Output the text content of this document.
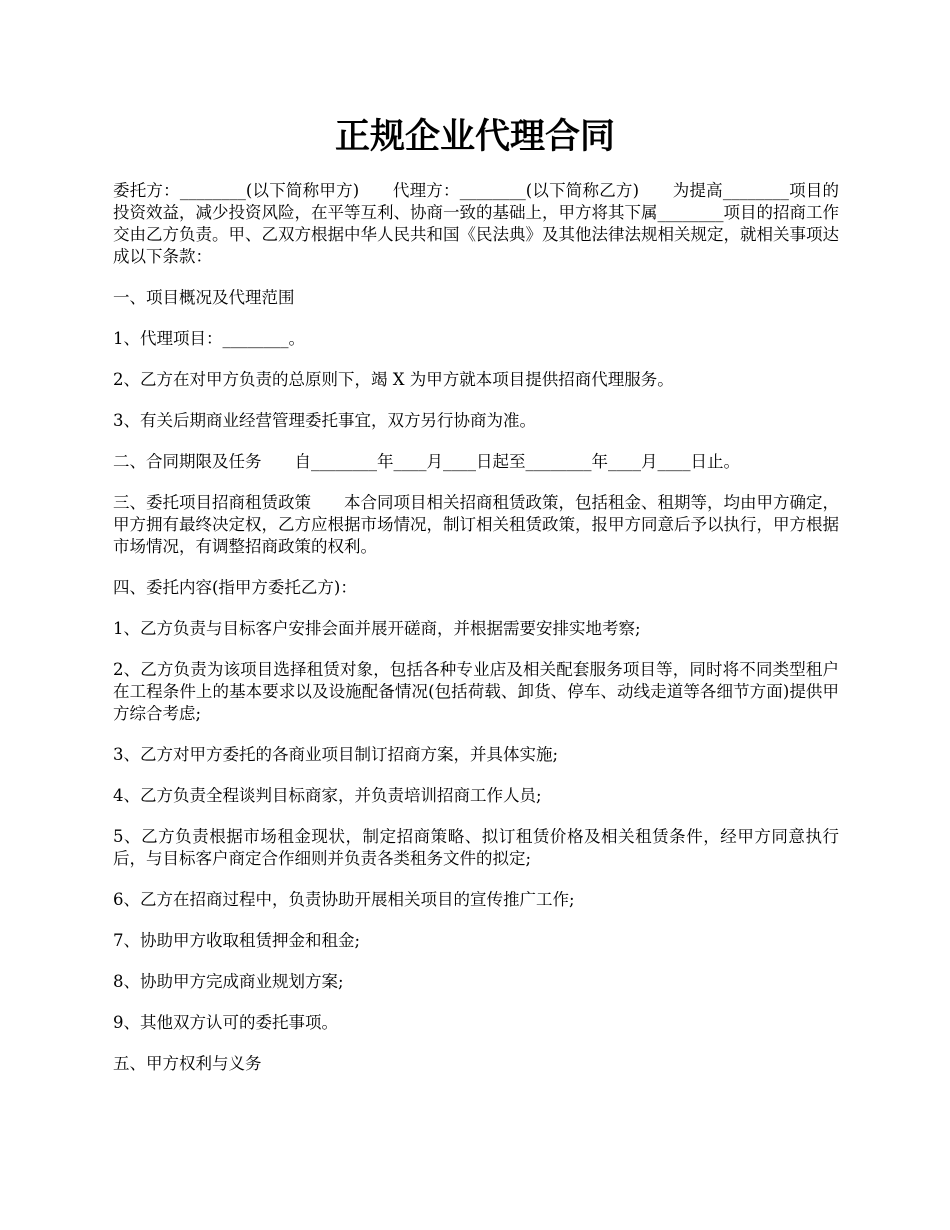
正规企业代理合同

委托方：________(以下简称甲方)　　代理方：________(以下简称乙方)　　为提高________项目的投资效益，减少投资风险，在平等互利、协商一致的基础上，甲方将其下属________项目的招商工作交由乙方负责。甲、乙双方根据中华人民共和国《民法典》及其他法律法规相关规定，就相关事项达成以下条款：

一、项目概况及代理范围

1、代理项目：________。

2、乙方在对甲方负责的总原则下，竭 X 为甲方就本项目提供招商代理服务。

3、有关后期商业经营管理委托事宜，双方另行协商为准。

二、合同期限及任务　　自________年____月____日起至________年____月____日止。

三、委托项目招商租赁政策　　本合同项目相关招商租赁政策，包括租金、租期等，均由甲方确定，甲方拥有最终决定权，乙方应根据市场情况，制订相关租赁政策，报甲方同意后予以执行，甲方根据市场情况，有调整招商政策的权利。

四、委托内容(指甲方委托乙方)：

1、乙方负责与目标客户安排会面并展开磋商，并根据需要安排实地考察;

2、乙方负责为该项目选择租赁对象，包括各种专业店及相关配套服务项目等，同时将不同类型租户在工程条件上的基本要求以及设施配备情况(包括荷载、卸货、停车、动线走道等各细节方面)提供甲方综合考虑;

3、乙方对甲方委托的各商业项目制订招商方案，并具体实施;

4、乙方负责全程谈判目标商家，并负责培训招商工作人员;

5、乙方负责根据市场租金现状，制定招商策略、拟订租赁价格及相关租赁条件，经甲方同意执行后，与目标客户商定合作细则并负责各类租务文件的拟定;

6、乙方在招商过程中，负责协助开展相关项目的宣传推广工作;

7、协助甲方收取租赁押金和租金;

8、协助甲方完成商业规划方案;

9、其他双方认可的委托事项。

五、甲方权利与义务
